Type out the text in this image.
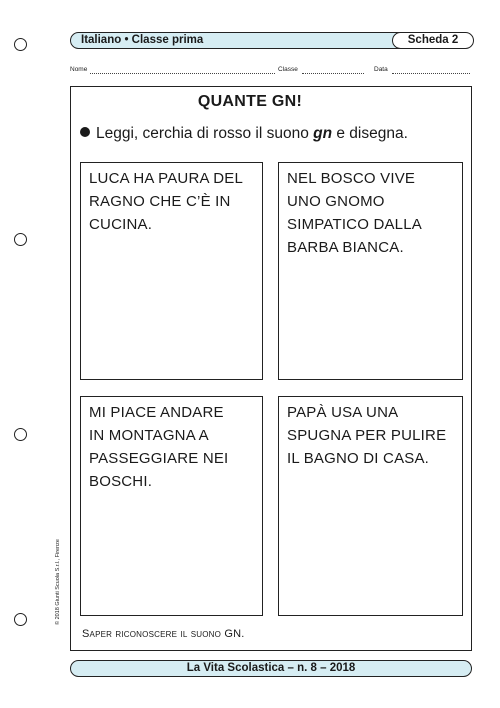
Italiano • Classe prima	Scheda 2
Nome	Classe	Data
QUANTE GN!
Leggi, cerchia di rosso il suono gn e disegna.
LUCA HA PAURA DEL
RAGNO CHE C’È IN
CUCINA.
NEL BOSCO VIVE
UNO GNOMO
SIMPATICO DALLA
BARBA BIANCA.
MI PIACE ANDARE
IN MONTAGNA A
PASSEGGIARE NEI
BOSCHI.
PAPÀ USA UNA
SPUGNA PER PULIRE
IL BAGNO DI CASA.
Saper riconoscere il suono GN.
© 2018 Giunti Scuola S.r.l., Firenze
La Vita Scolastica – n. 8 – 2018
